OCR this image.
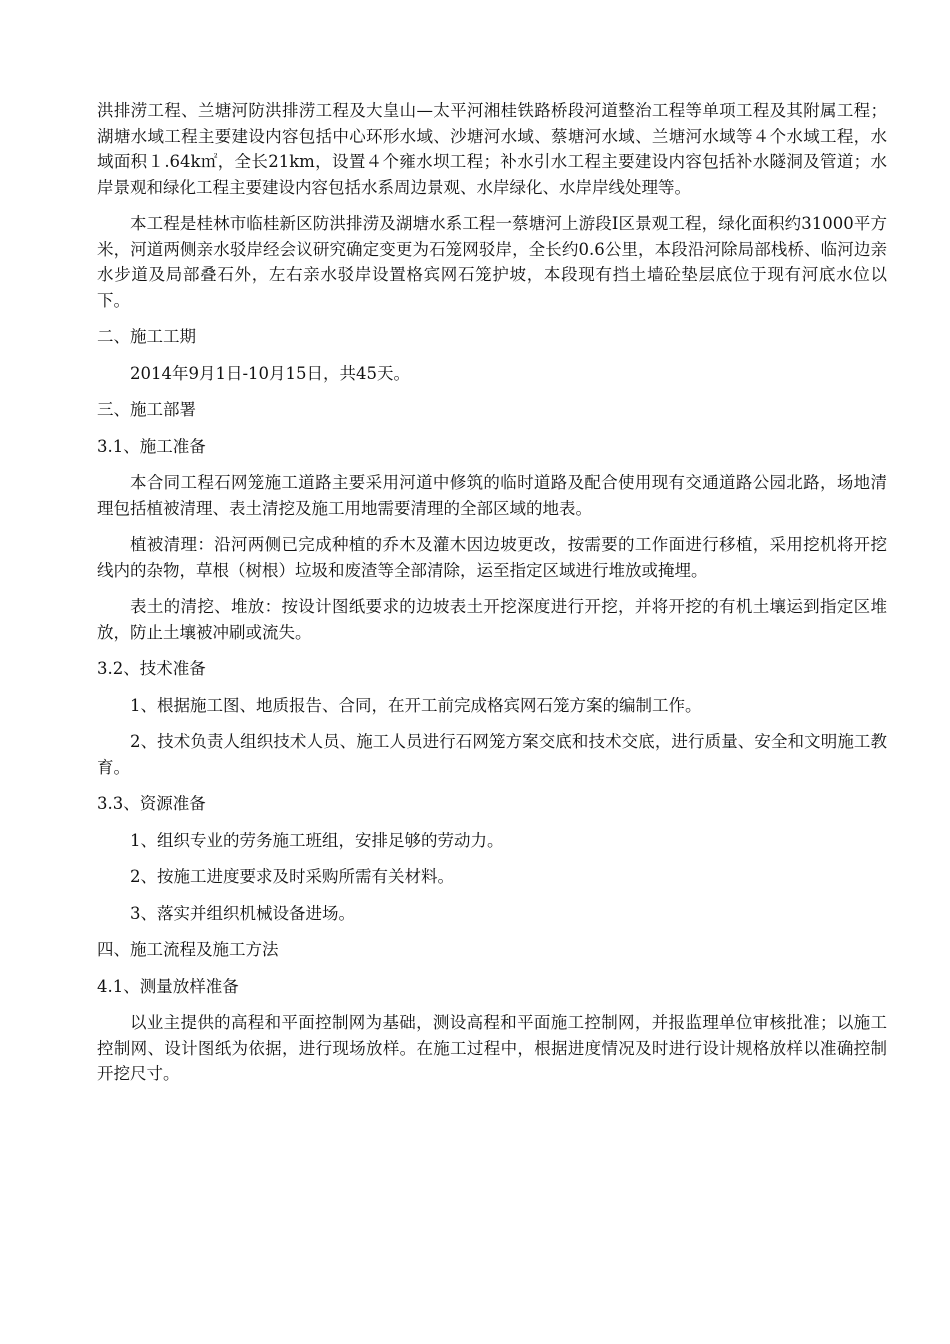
洪排涝工程、兰塘河防洪排涝工程及大皇山—太平河湘桂铁路桥段河道整治工程等单项工程及其附属工程；湖塘水域工程主要建设内容包括中心环形水域、沙塘河水域、蔡塘河水域、兰塘河水域等４个水域工程，水域面积１.64k㎡，全长21km，设置４个雍水坝工程；补水引水工程主要建设内容包括补水隧洞及管道；水岸景观和绿化工程主要建设内容包括水系周边景观、水岸绿化、水岸岸线处理等。

本工程是桂林市临桂新区防洪排涝及湖塘水系工程一蔡塘河上游段Ⅰ区景观工程，绿化面积约31000平方米，河道两侧亲水驳岸经会议研究确定变更为石笼网驳岸，全长约0.6公里，本段沿河除局部栈桥、临河边亲水步道及局部叠石外，左右亲水驳岸设置格宾网石笼护坡，本段现有挡土墙砼垫层底位于现有河底水位以下。

二、施工工期

2014年9月1日-10月15日，共45天。

三、施工部署

3.1、施工准备

本合同工程石网笼施工道路主要采用河道中修筑的临时道路及配合使用现有交通道路公园北路，场地清理包括植被清理、表土清挖及施工用地需要清理的全部区域的地表。

植被清理：沿河两侧已完成种植的乔木及灌木因边坡更改，按需要的工作面进行移植，采用挖机将开挖线内的杂物，草根（树根）垃圾和废渣等全部清除，运至指定区域进行堆放或掩埋。

表土的清挖、堆放：按设计图纸要求的边坡表土开挖深度进行开挖，并将开挖的有机土壤运到指定区堆放，防止土壤被冲刷或流失。

3.2、技术准备

1、根据施工图、地质报告、合同，在开工前完成格宾网石笼方案的编制工作。

2、技术负责人组织技术人员、施工人员进行石网笼方案交底和技术交底，进行质量、安全和文明施工教育。

3.3、资源准备

1、组织专业的劳务施工班组，安排足够的劳动力。

2、按施工进度要求及时采购所需有关材料。

3、落实并组织机械设备进场。

四、施工流程及施工方法

4.1、测量放样准备

以业主提供的高程和平面控制网为基础，测设高程和平面施工控制网，并报监理单位审核批准；以施工控制网、设计图纸为依据，进行现场放样。在施工过程中，根据进度情况及时进行设计规格放样以准确控制开挖尺寸。
